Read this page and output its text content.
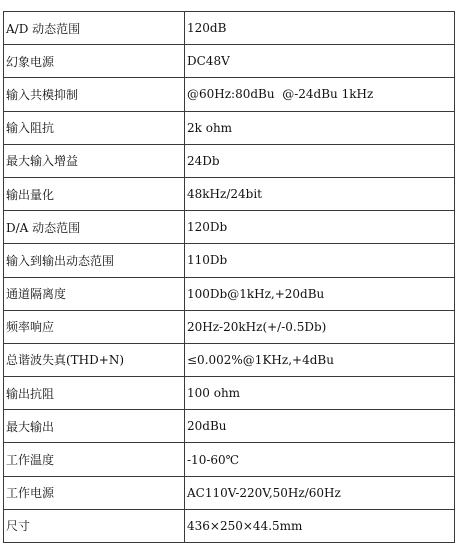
A/D 动态范围	120dB
幻象电源	DC48V
输入共模抑制	@60Hz:80dBu  @-24dBu 1kHz
输入阻抗	2k ohm
最大输入增益	24Db
输出量化	48kHz/24bit
D/A 动态范围	120Db
输入到输出动态范围	110Db
通道隔离度	100Db@1kHz,+20dBu
频率响应	20Hz-20kHz(+/-0.5Db)
总谐波失真(THD+N)	≤0.002%@1KHz,+4dBu
输出抗阻	100 ohm
最大输出	20dBu
工作温度	-10-60℃
工作电源	AC110V-220V,50Hz/60Hz
尺寸	436×250×44.5mm
